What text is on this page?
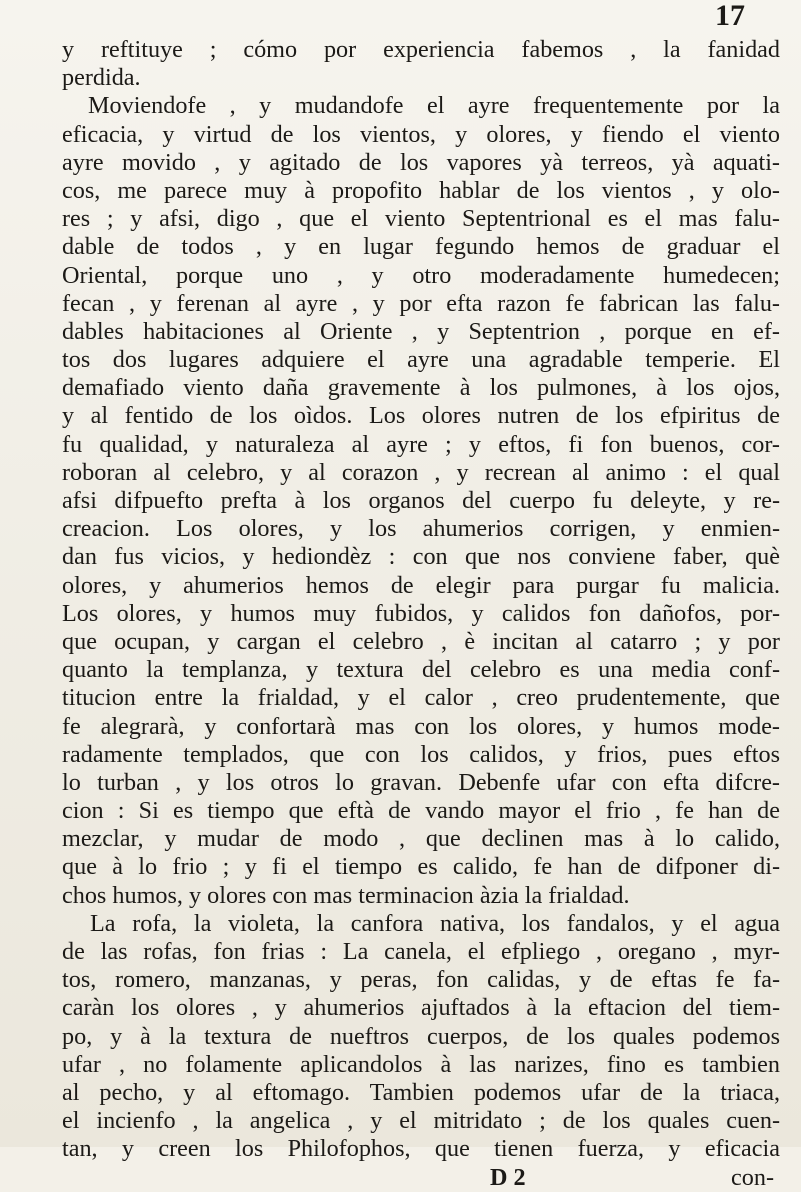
17
y reftituye ; cómo por experiencia fabemos , la fanidad
perdida.
Moviendofe , y mudandofe el ayre frequentemente por la
eficacia, y virtud de los vientos, y olores, y fiendo el viento
ayre movido , y agitado de los vapores yà terreos, yà aquati-
cos, me parece muy à propofito hablar de los vientos , y olo-
res ; y afsi, digo , que el viento Septentrional es el mas falu-
dable de todos , y en lugar fegundo hemos de graduar el
Oriental, porque uno , y otro moderadamente humedecen;
fecan , y ferenan al ayre , y por efta razon fe fabrican las falu-
dables habitaciones al Oriente , y Septentrion , porque en ef-
tos dos lugares adquiere el ayre una agradable temperie. El
demafiado viento daña gravemente à los pulmones, à los ojos,
y al fentido de los oìdos. Los olores nutren de los efpiritus de
fu qualidad, y naturaleza al ayre ; y eftos, fi fon buenos, cor-
roboran al celebro, y al corazon , y recrean al animo : el qual
afsi difpuefto prefta à los organos del cuerpo fu deleyte, y re-
creacion. Los olores, y los ahumerios corrigen, y enmien-
dan fus vicios, y hediondèz : con que nos conviene faber, què
olores, y ahumerios hemos de elegir para purgar fu malicia.
Los olores, y humos muy fubidos, y calidos fon dañofos, por-
que ocupan, y cargan el celebro , è incitan al catarro ; y por
quanto la templanza, y textura del celebro es una media conf-
titucion entre la frialdad, y el calor , creo prudentemente, que
fe alegrarà, y confortarà mas con los olores, y humos mode-
radamente templados, que con los calidos, y frios, pues eftos
lo turban , y los otros lo gravan. Debenfe ufar con efta difcre-
cion : Si es tiempo que eftà de vando mayor el frio , fe han de
mezclar, y mudar de modo , que declinen mas à lo calido,
que à lo frio ; y fi el tiempo es calido, fe han de difponer di-
chos humos, y olores con mas terminacion àzia la frialdad.
La rofa, la violeta, la canfora nativa, los fandalos, y el agua
de las rofas, fon frias : La canela, el efpliego , oregano , myr-
tos, romero, manzanas, y peras, fon calidas, y de eftas fe fa-
caràn los olores , y ahumerios ajuftados à la eftacion del tiem-
po, y à la textura de nueftros cuerpos, de los quales podemos
ufar , no folamente aplicandolos à las narizes, fino es tambien
al pecho, y al eftomago. Tambien podemos ufar de la triaca,
el incienfo , la angelica , y el mitridato ; de los quales cuen-
tan, y creen los Philofophos, que tienen fuerza, y eficacia
D 2	con-
